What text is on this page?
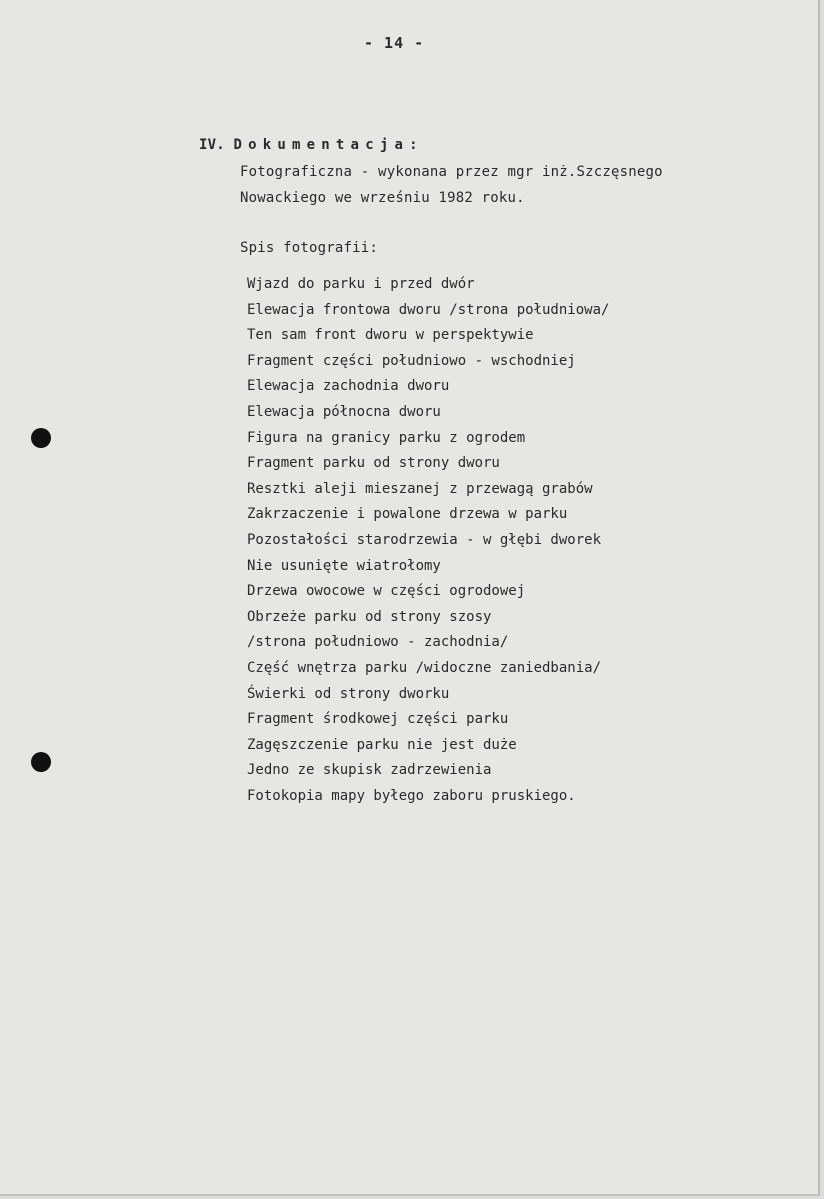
- 14 -
IV. Dokumentacja:
Fotograficzna - wykonana przez mgr inż.Szczęsnego
Nowackiego we wrześniu 1982 roku.
Spis fotografii:
Wjazd do parku i przed dwór
Elewacja frontowa dworu /strona południowa/
Ten sam front dworu w perspektywie
Fragment części południowo - wschodniej
Elewacja zachodnia dworu
Elewacja północna dworu
Figura na granicy parku z ogrodem
Fragment parku od strony dworu
Resztki aleji mieszanej z przewagą grabów
Zakrzaczenie i powalone drzewa w parku
Pozostałości starodrzewia - w głębi dworek
Nie usunięte wiatrołomy
Drzewa owocowe w części ogrodowej
Obrzeże parku od strony szosy
/strona południowo - zachodnia/
Część wnętrza parku /widoczne zaniedbania/
Świerki od strony dworku
Fragment środkowej części parku
Zagęszczenie parku nie jest duże
Jedno ze skupisk zadrzewienia
Fotokopia mapy byłego zaboru pruskiego.
